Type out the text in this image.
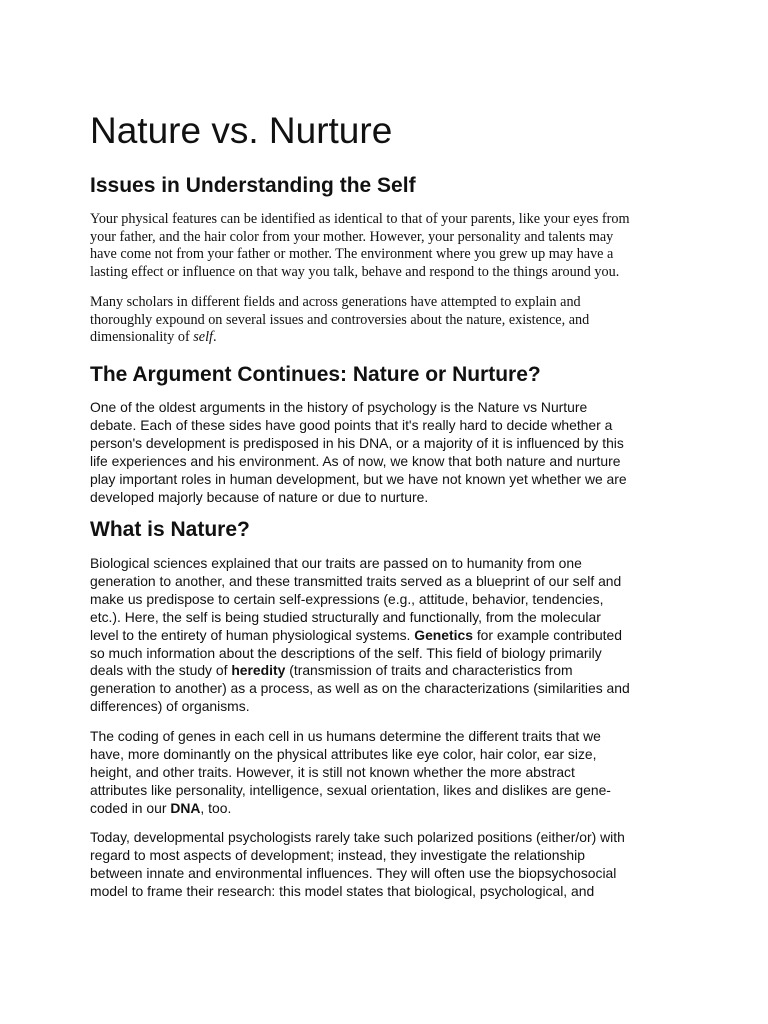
Nature vs. Nurture
Issues in Understanding the Self

Your physical features can be identified as identical to that of your parents, like your eyes from
your father, and the hair color from your mother. However, your personality and talents may
have come not from your father or mother. The environment where you grew up may have a
lasting effect or influence on that way you talk, behave and respond to the things around you.

Many scholars in different fields and across generations have attempted to explain and
thoroughly expound on several issues and controversies about the nature, existence, and
dimensionality of self.

The Argument Continues: Nature or Nurture?

One of the oldest arguments in the history of psychology is the Nature vs Nurture
debate. Each of these sides have good points that it's really hard to decide whether a
person's development is predisposed in his DNA, or a majority of it is influenced by this
life experiences and his environment. As of now, we know that both nature and nurture
play important roles in human development, but we have not known yet whether we are
developed majorly because of nature or due to nurture.

What is Nature?

Biological sciences explained that our traits are passed on to humanity from one
generation to another, and these transmitted traits served as a blueprint of our self and
make us predispose to certain self-expressions (e.g., attitude, behavior, tendencies,
etc.). Here, the self is being studied structurally and functionally, from the molecular
level to the entirety of human physiological systems. Genetics for example contributed
so much information about the descriptions of the self. This field of biology primarily
deals with the study of heredity (transmission of traits and characteristics from
generation to another) as a process, as well as on the characterizations (similarities and
differences) of organisms.

The coding of genes in each cell in us humans determine the different traits that we
have, more dominantly on the physical attributes like eye color, hair color, ear size,
height, and other traits. However, it is still not known whether the more abstract
attributes like personality, intelligence, sexual orientation, likes and dislikes are gene-
coded in our DNA, too.

Today, developmental psychologists rarely take such polarized positions (either/or) with
regard to most aspects of development; instead, they investigate the relationship
between innate and environmental influences. They will often use the biopsychosocial
model to frame their research: this model states that biological, psychological, and
